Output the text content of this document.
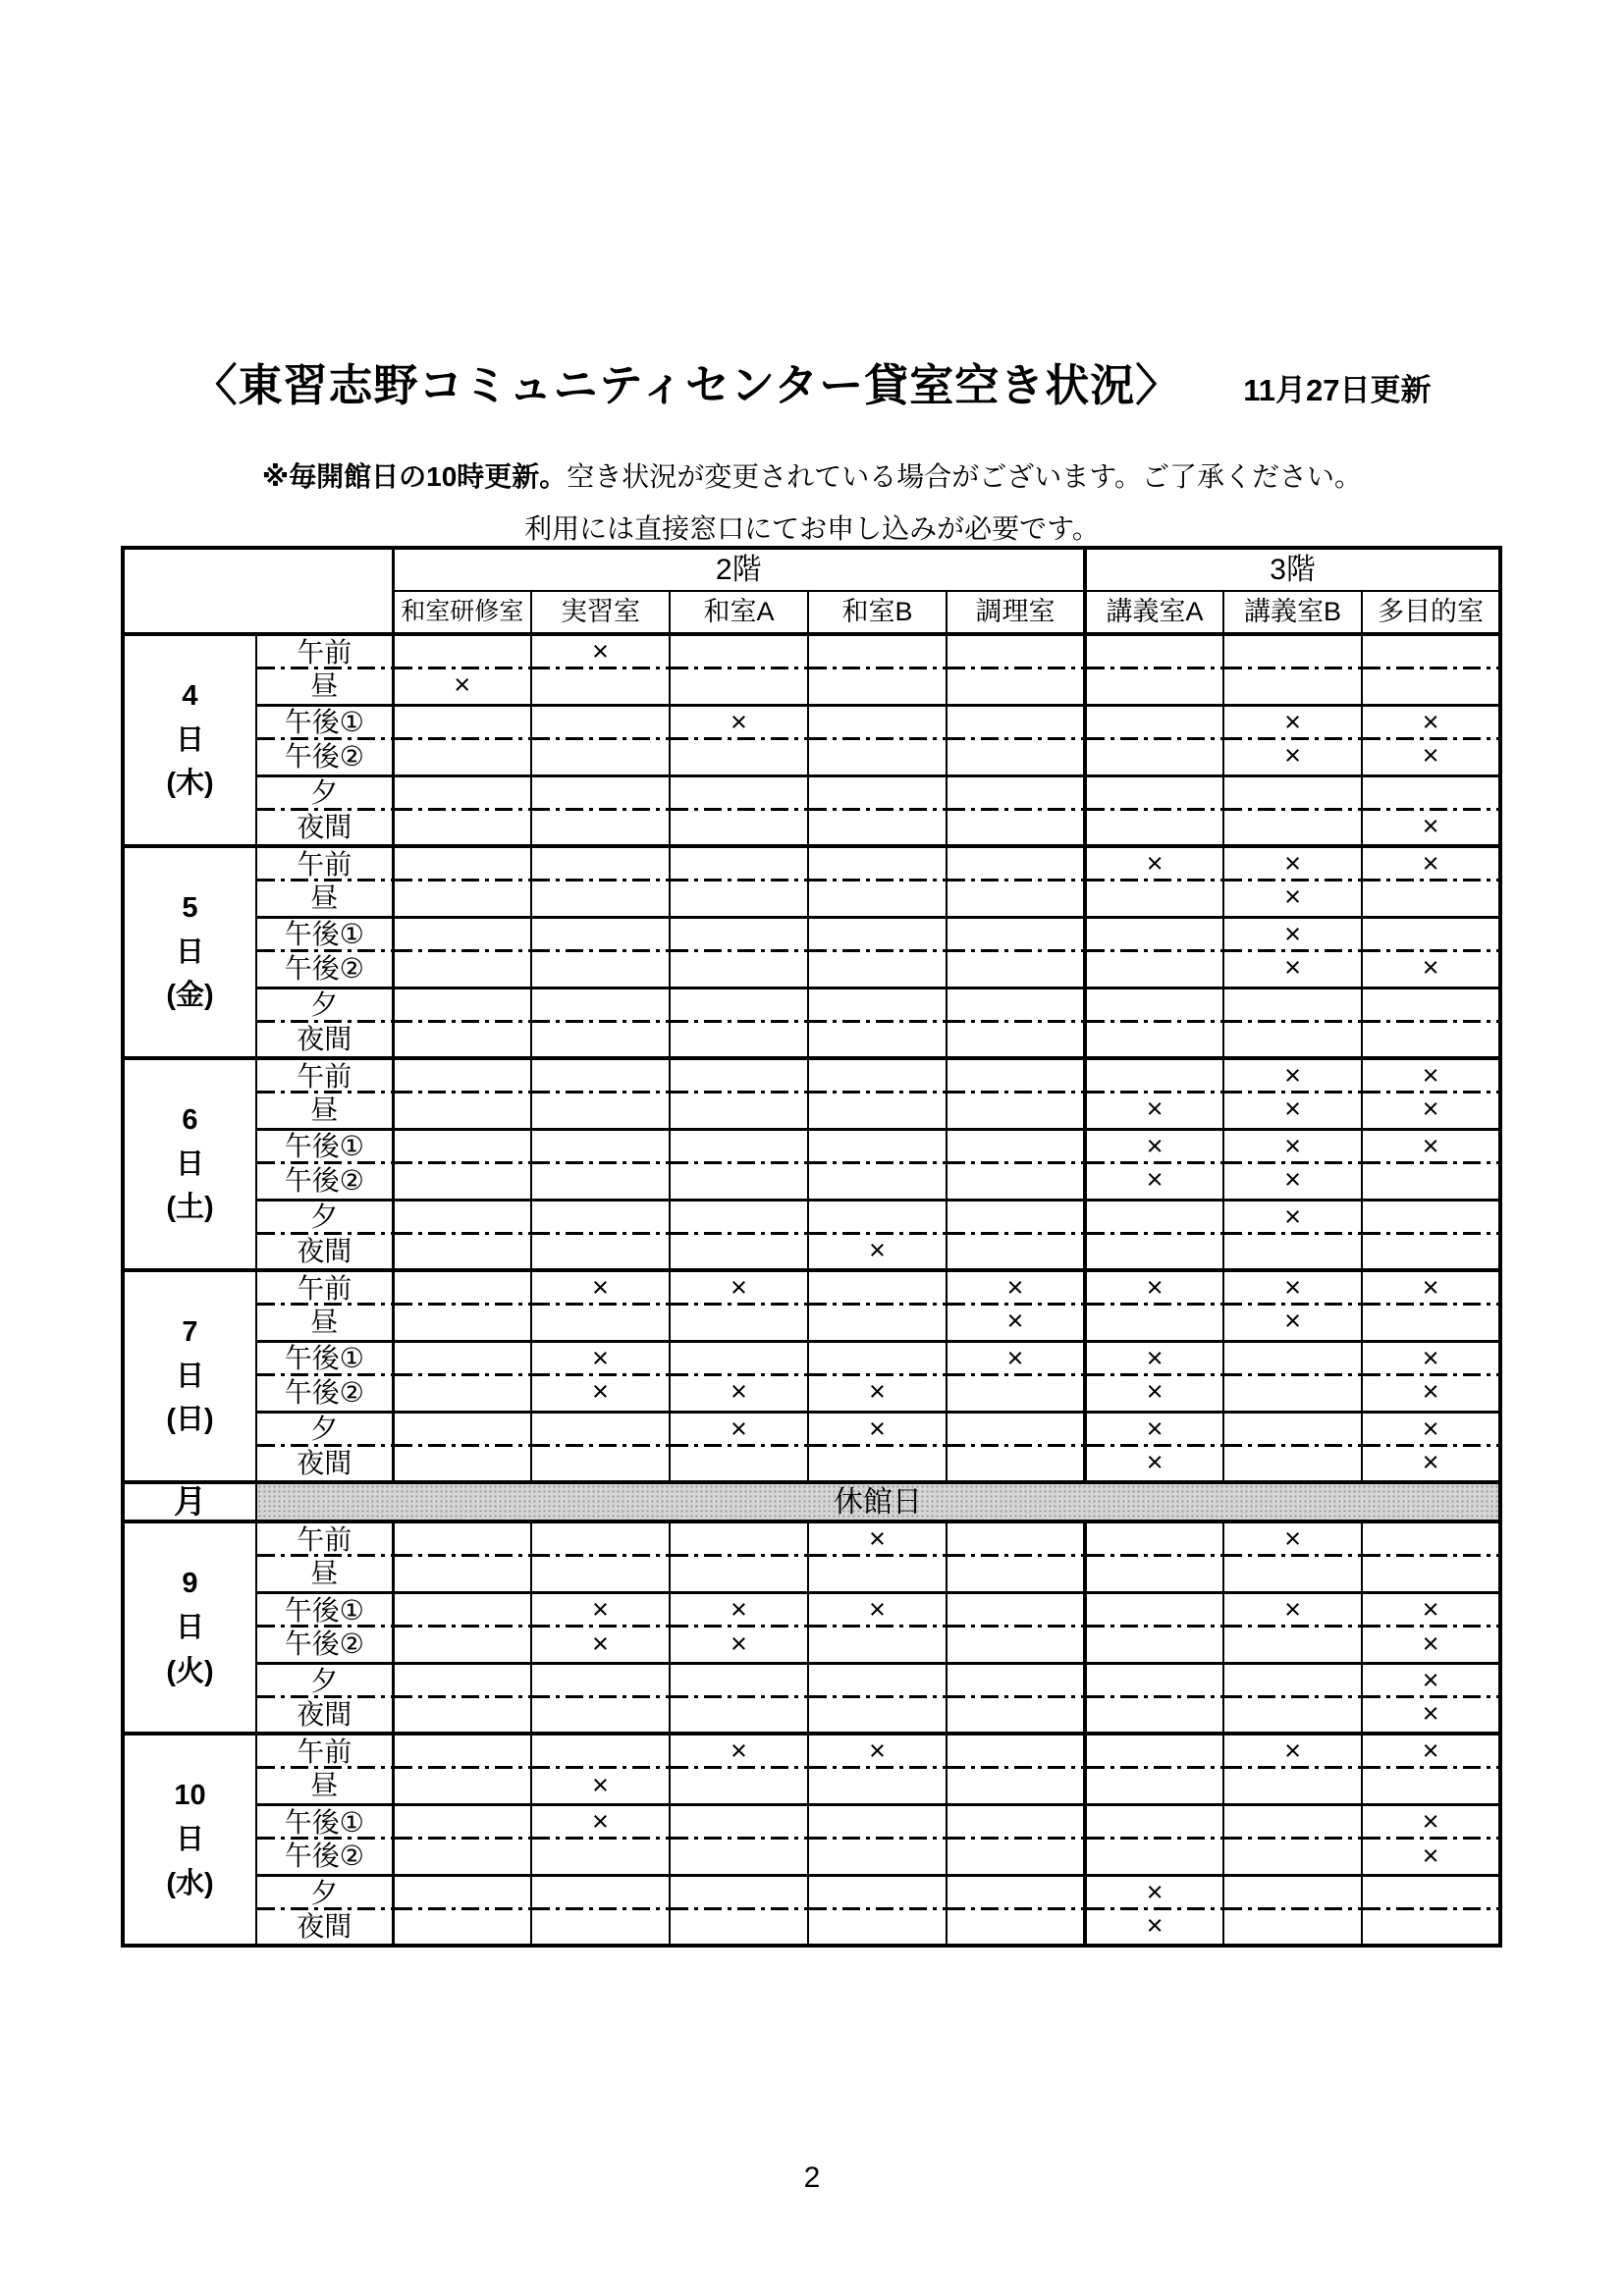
〈東習志野コミュニティセンター貸室空き状況〉 11月27日更新
※毎開館日の10時更新。空き状況が変更されている場合がございます。ご了承ください。
利用には直接窓口にてお申し込みが必要です。
		2階					3階		
		和室研修室	実習室	和室A	和室B	調理室	講義室A	講義室B	多目的室

4
日
(木)	午前		×						
	昼	×							
	午後①			×				×	×
	午後②							×	×
	夕								
	夜間								×

5
日
(金)	午前						×	×	×
	昼							×	
	午後①							×	
	午後②							×	×
	夕								
	夜間								

6
日
(土)	午前							×	×
	昼						×	×	×
	午後①						×	×	×
	午後②						×	×	
	夕							×	
	夜間				×				

7
日
(日)	午前		×	×		×	×	×	×
	昼					×		×	
	午後①		×			×	×		×
	午後②		×	×	×		×		×
	夕			×	×		×		×
	夜間						×		×
月	休館日								

9
日
(火)	午前				×			×	
	昼								
	午後①		×	×	×			×	×
	午後②		×	×					×
	夕								×
	夜間								×

10
日
(水)	午前			×	×			×	×
	昼		×						
	午後①		×						×
	午後②								×
	夕						×		
	夜間						×		
2
